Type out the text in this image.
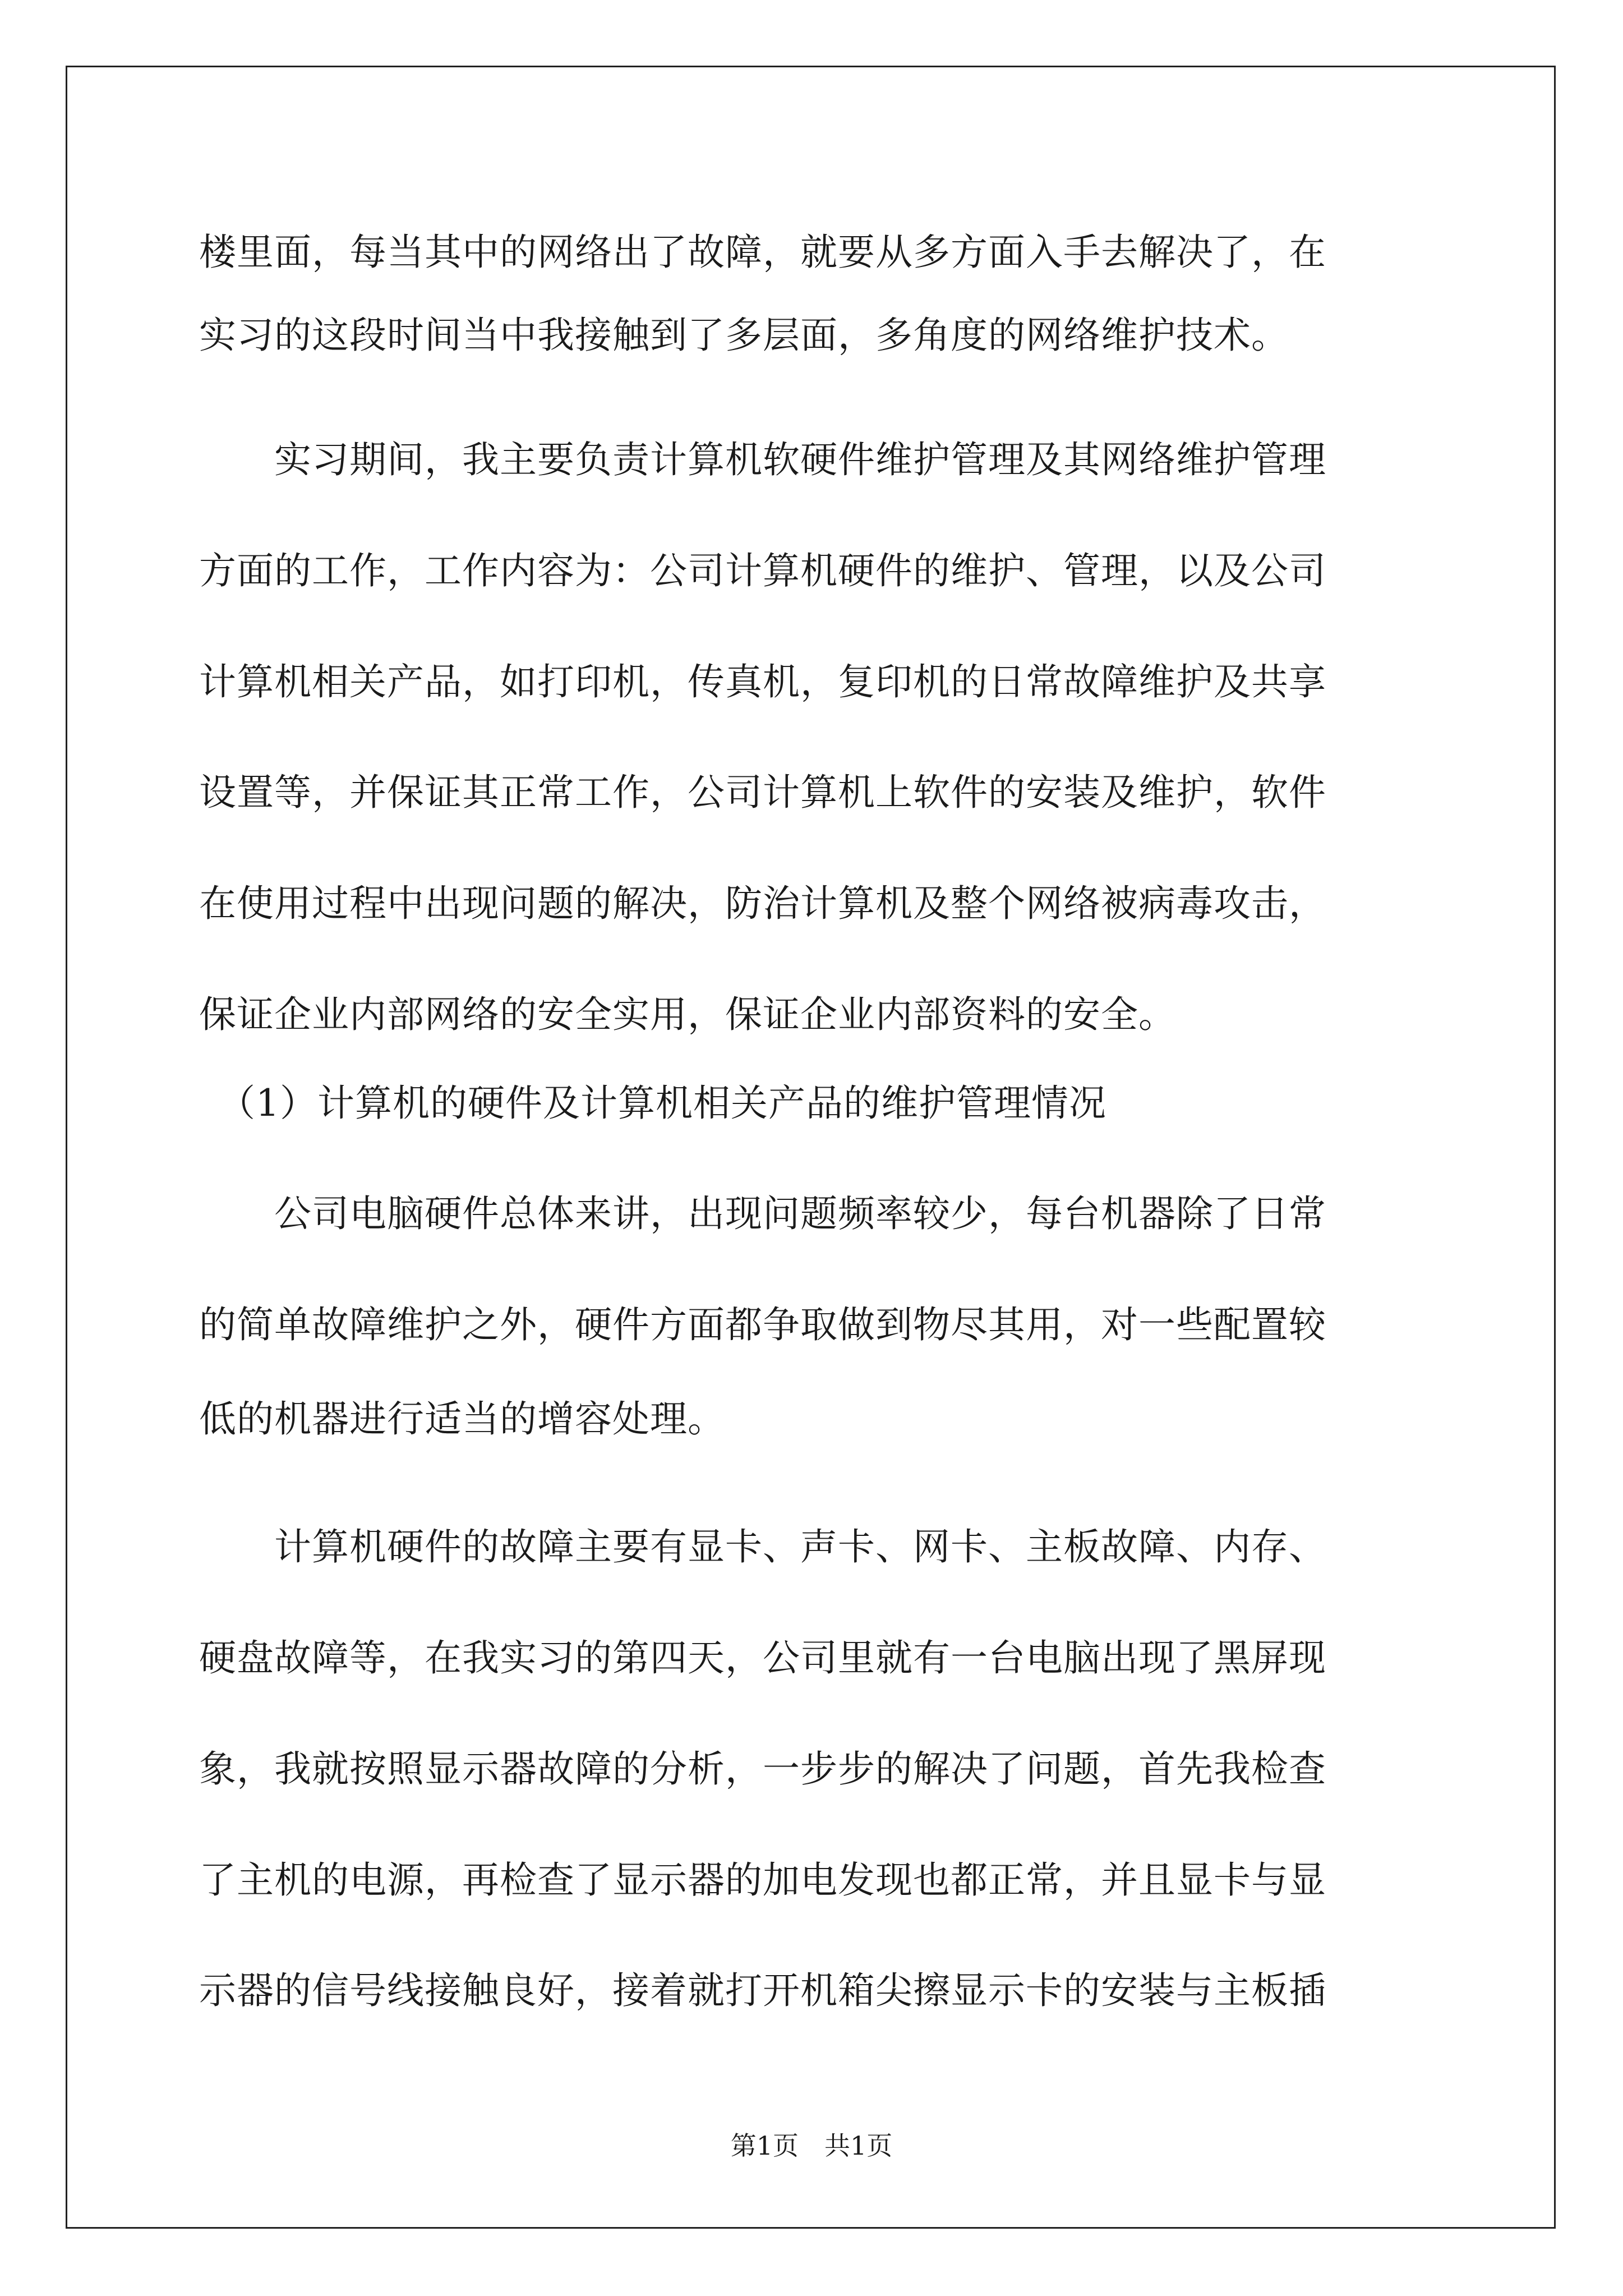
楼里面，每当其中的网络出了故障，就要从多方面入手去解决了，在
实习的这段时间当中我接触到了多层面，多角度的网络维护技术。
　　实习期间，我主要负责计算机软硬件维护管理及其网络维护管理
方面的工作，工作内容为：公司计算机硬件的维护、管理，以及公司
计算机相关产品，如打印机，传真机，复印机的日常故障维护及共享
设置等，并保证其正常工作，公司计算机上软件的安装及维护，软件
在使用过程中出现问题的解决，防治计算机及整个网络被病毒攻击，
保证企业内部网络的安全实用，保证企业内部资料的安全。
　（1）计算机的硬件及计算机相关产品的维护管理情况
　　公司电脑硬件总体来讲，出现问题频率较少，每台机器除了日常
的简单故障维护之外，硬件方面都争取做到物尽其用，对一些配置较
低的机器进行适当的增容处理。
　　计算机硬件的故障主要有显卡、声卡、网卡、主板故障、内存、
硬盘故障等，在我实习的第四天，公司里就有一台电脑出现了黑屏现
象，我就按照显示器故障的分析，一步步的解决了问题，首先我检查
了主机的电源，再检查了显示器的加电发现也都正常，并且显卡与显
示器的信号线接触良好，接着就打开机箱尖擦显示卡的安装与主板插
第1页　共1页
